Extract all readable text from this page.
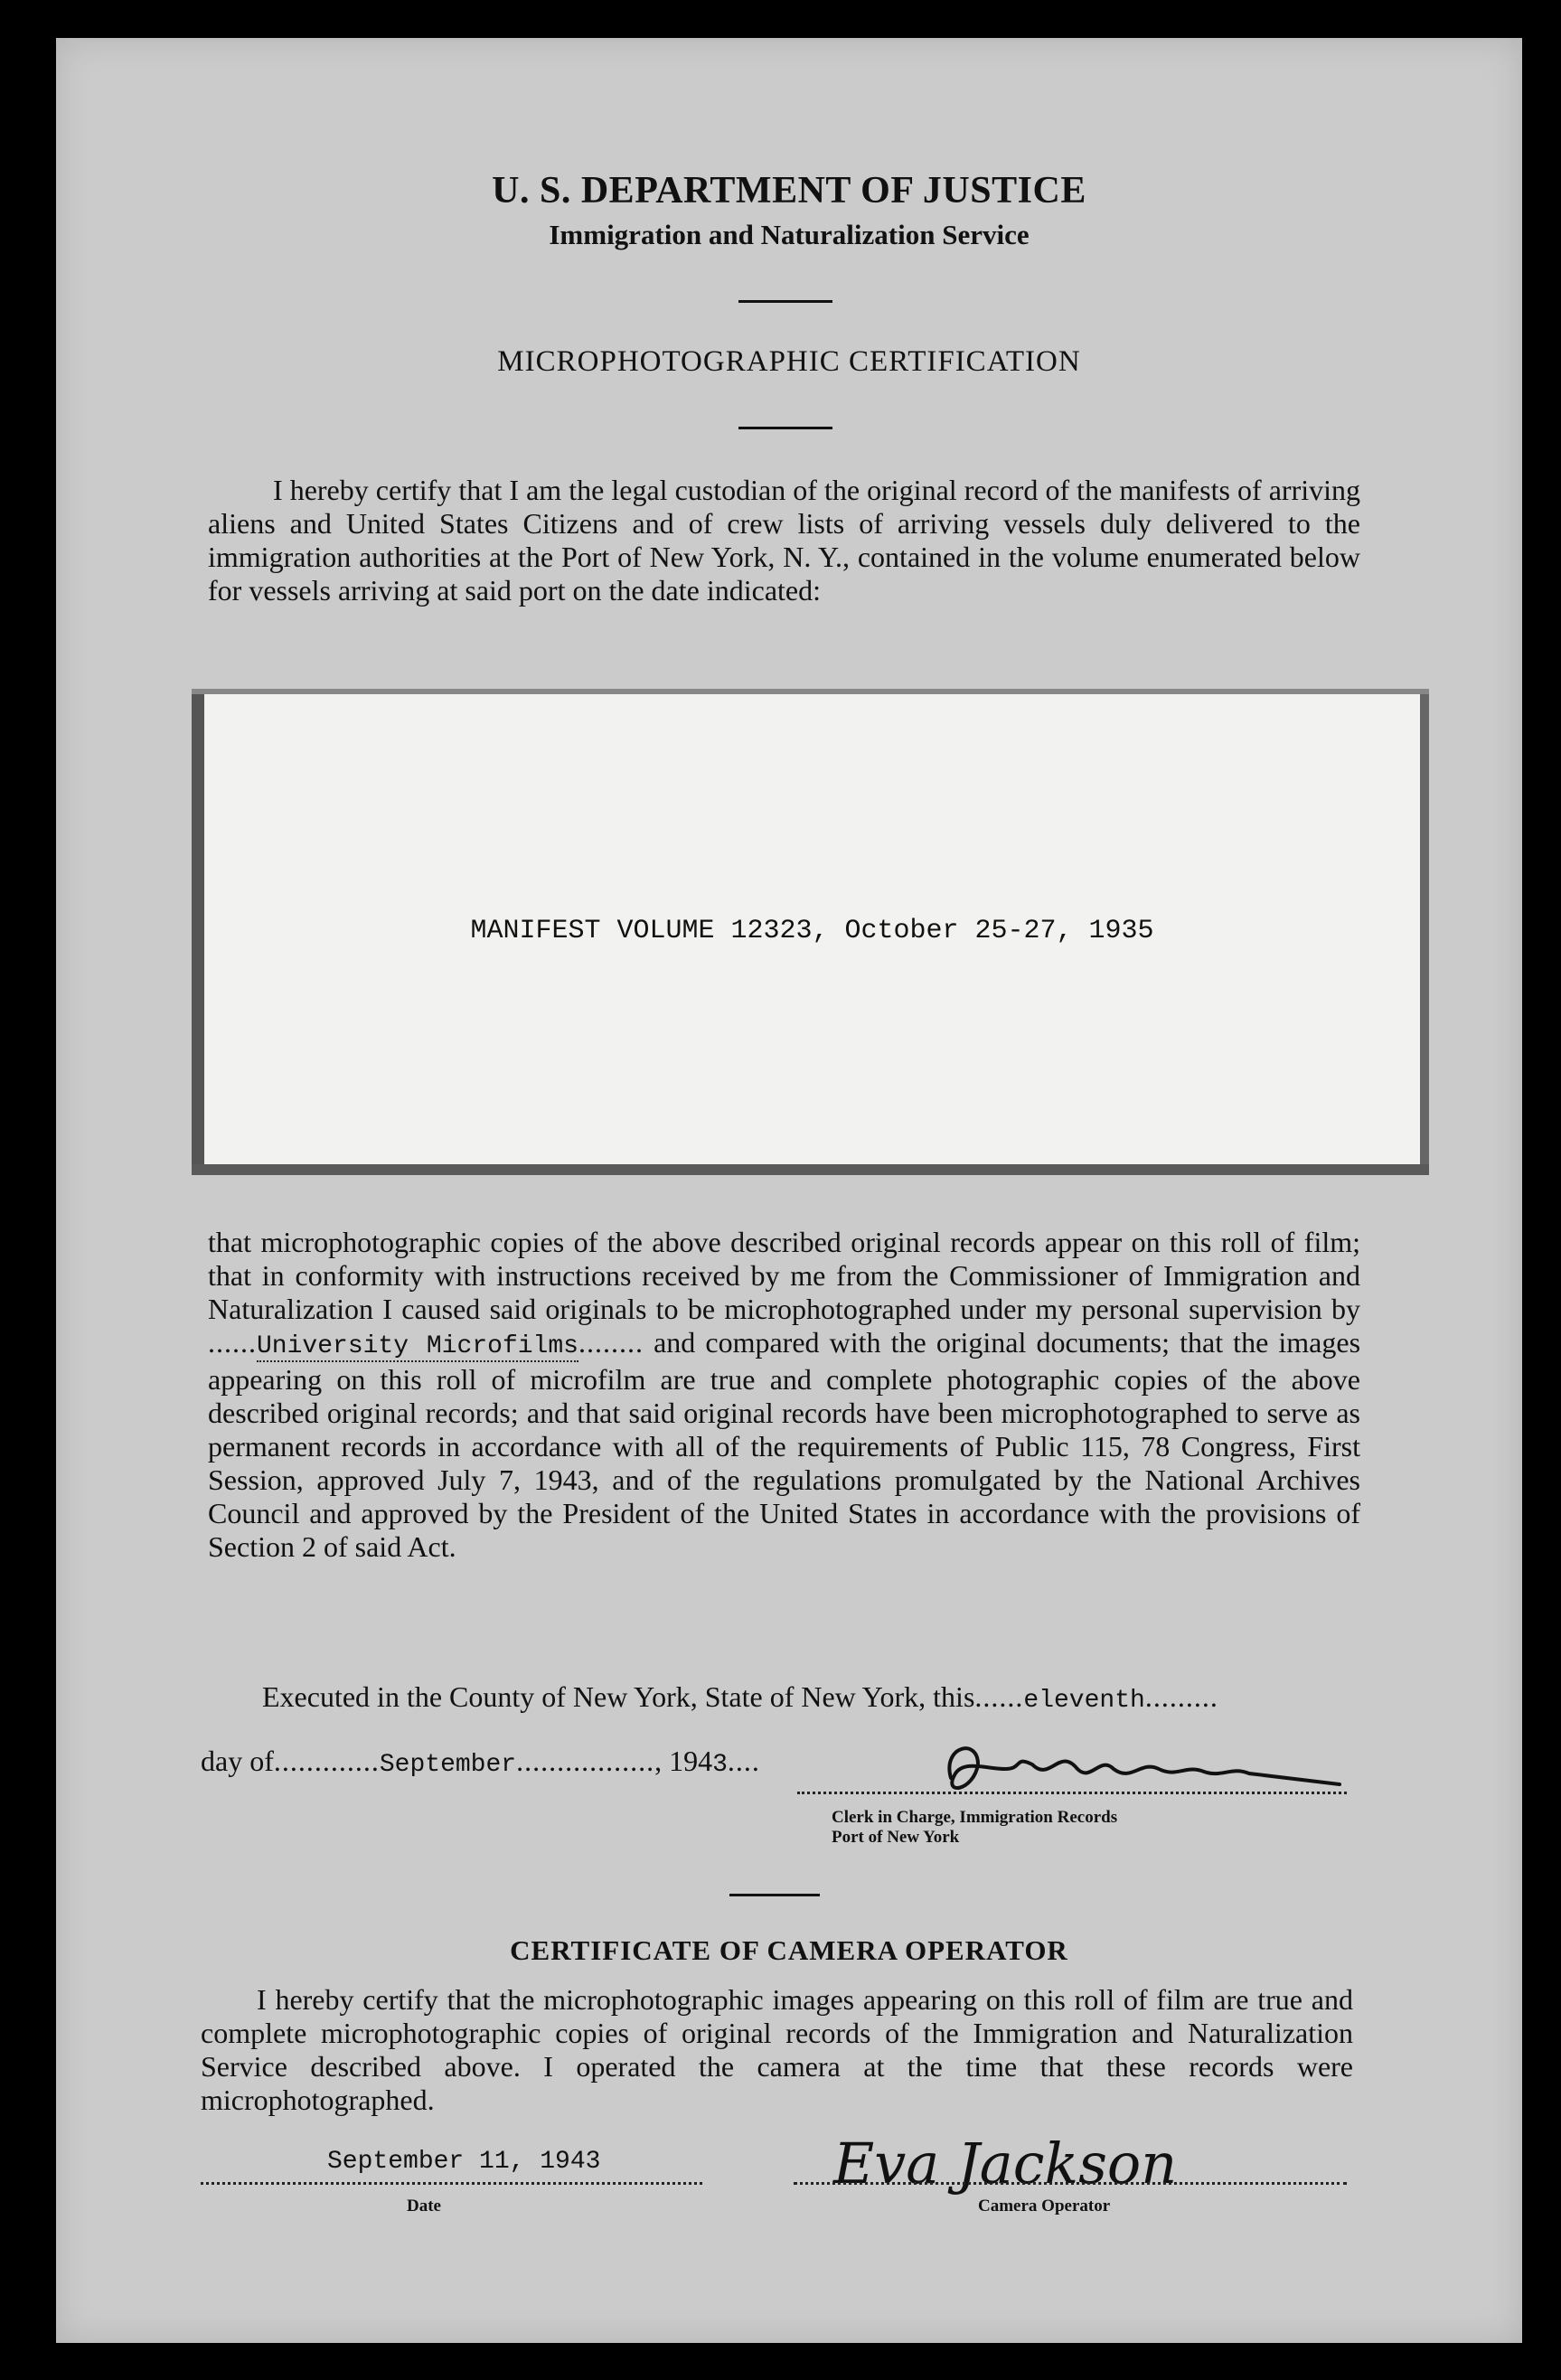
U. S. DEPARTMENT OF JUSTICE
Immigration and Naturalization Service
MICROPHOTOGRAPHIC CERTIFICATION
I hereby certify that I am the legal custodian of the original record of the manifests of arriving aliens and United States Citizens and of crew lists of arriving vessels duly delivered to the immigration authorities at the Port of New York, N. Y., contained in the volume enumerated below for vessels arriving at said port on the date indicated:
MANIFEST VOLUME 12323, October 25-27, 1935
that microphotographic copies of the above described original records appear on this roll of film; that in conformity with instructions received by me from the Commissioner of Immigration and Naturalization I caused said originals to be microphotographed under my personal supervision by ......University Microfilms........ and compared with the original documents; that the images appearing on this roll of microfilm are true and complete photographic copies of the above described original records; and that said original records have been microphotographed to serve as permanent records in accordance with all of the requirements of Public 115, 78 Congress, First Session, approved July 7, 1943, and of the regulations promulgated by the National Archives Council and approved by the President of the United States in accordance with the provisions of Section 2 of said Act.
Executed in the County of New York, State of New York, this......eleventh.........
day of.............September................., 1943....
Clerk in Charge, Immigration Records
Port of New York
CERTIFICATE OF CAMERA OPERATOR
I hereby certify that the microphotographic images appearing on this roll of film are true and complete microphotographic copies of original records of the Immigration and Naturalization Service described above. I operated the camera at the time that these records were microphotographed.
September 11, 1943
Date
Eva Jackson
Camera Operator
